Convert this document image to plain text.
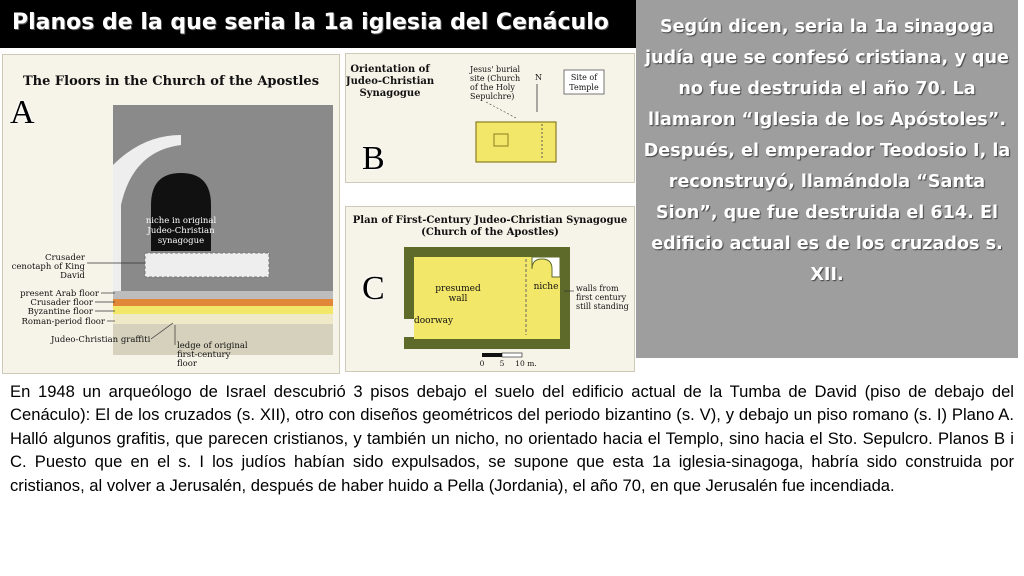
Planos de la que seria la 1a iglesia del Cenáculo	Según dicen, seria la 1a sinagoga judía que se confesó cristiana, y que no fue destruida el año 70. La llamaron “Iglesia de los Apóstoles”. Después, el emperador Teodosio I, la reconstruyó, llamándola “Santa Sion”, que fue destruida el 614. El edificio actual es de los cruzados s. XII.
The Floors in the Church of the Apostles
niche in original
Judeo-Christian
synagogue
Crusader
cenotaph of King
David
present Arab floor
Crusader floor
Byzantine floor
Roman-period floor
Judeo-Christian graffiti
ledge of original
first-century
floor
A
Orientation of
Judeo-Christian
Synagogue
Jesus' burial
site (Church
of the Holy
Sepulchre)
N	Site of
Temple
B
Plan of First-Century Judeo-Christian Synagogue
(Church of the Apostles)
niche
presumed
wall
doorway
walls from
first century
still standing
0 5 10 m.
C
En 1948 un arqueólogo de Israel descubrió 3 pisos debajo el suelo del edificio actual de la Tumba de David (piso de debajo del Cenáculo): El de los cruzados (s. XII), otro con diseños geométricos del periodo bizantino (s. V), y debajo un piso romano (s. I) Plano A. Halló algunos grafitis, que parecen cristianos, y también un nicho, no orientado hacia el Templo, sino hacia el Sto. Sepulcro. Planos B i C. Puesto que en el s. I los judíos habían sido expulsados, se supone que esta 1a iglesia-sinagoga, habría sido construida por cristianos, al volver a Jerusalén, después de haber huido a Pella (Jordania), el año 70, en que Jerusalén fue incendiada.
